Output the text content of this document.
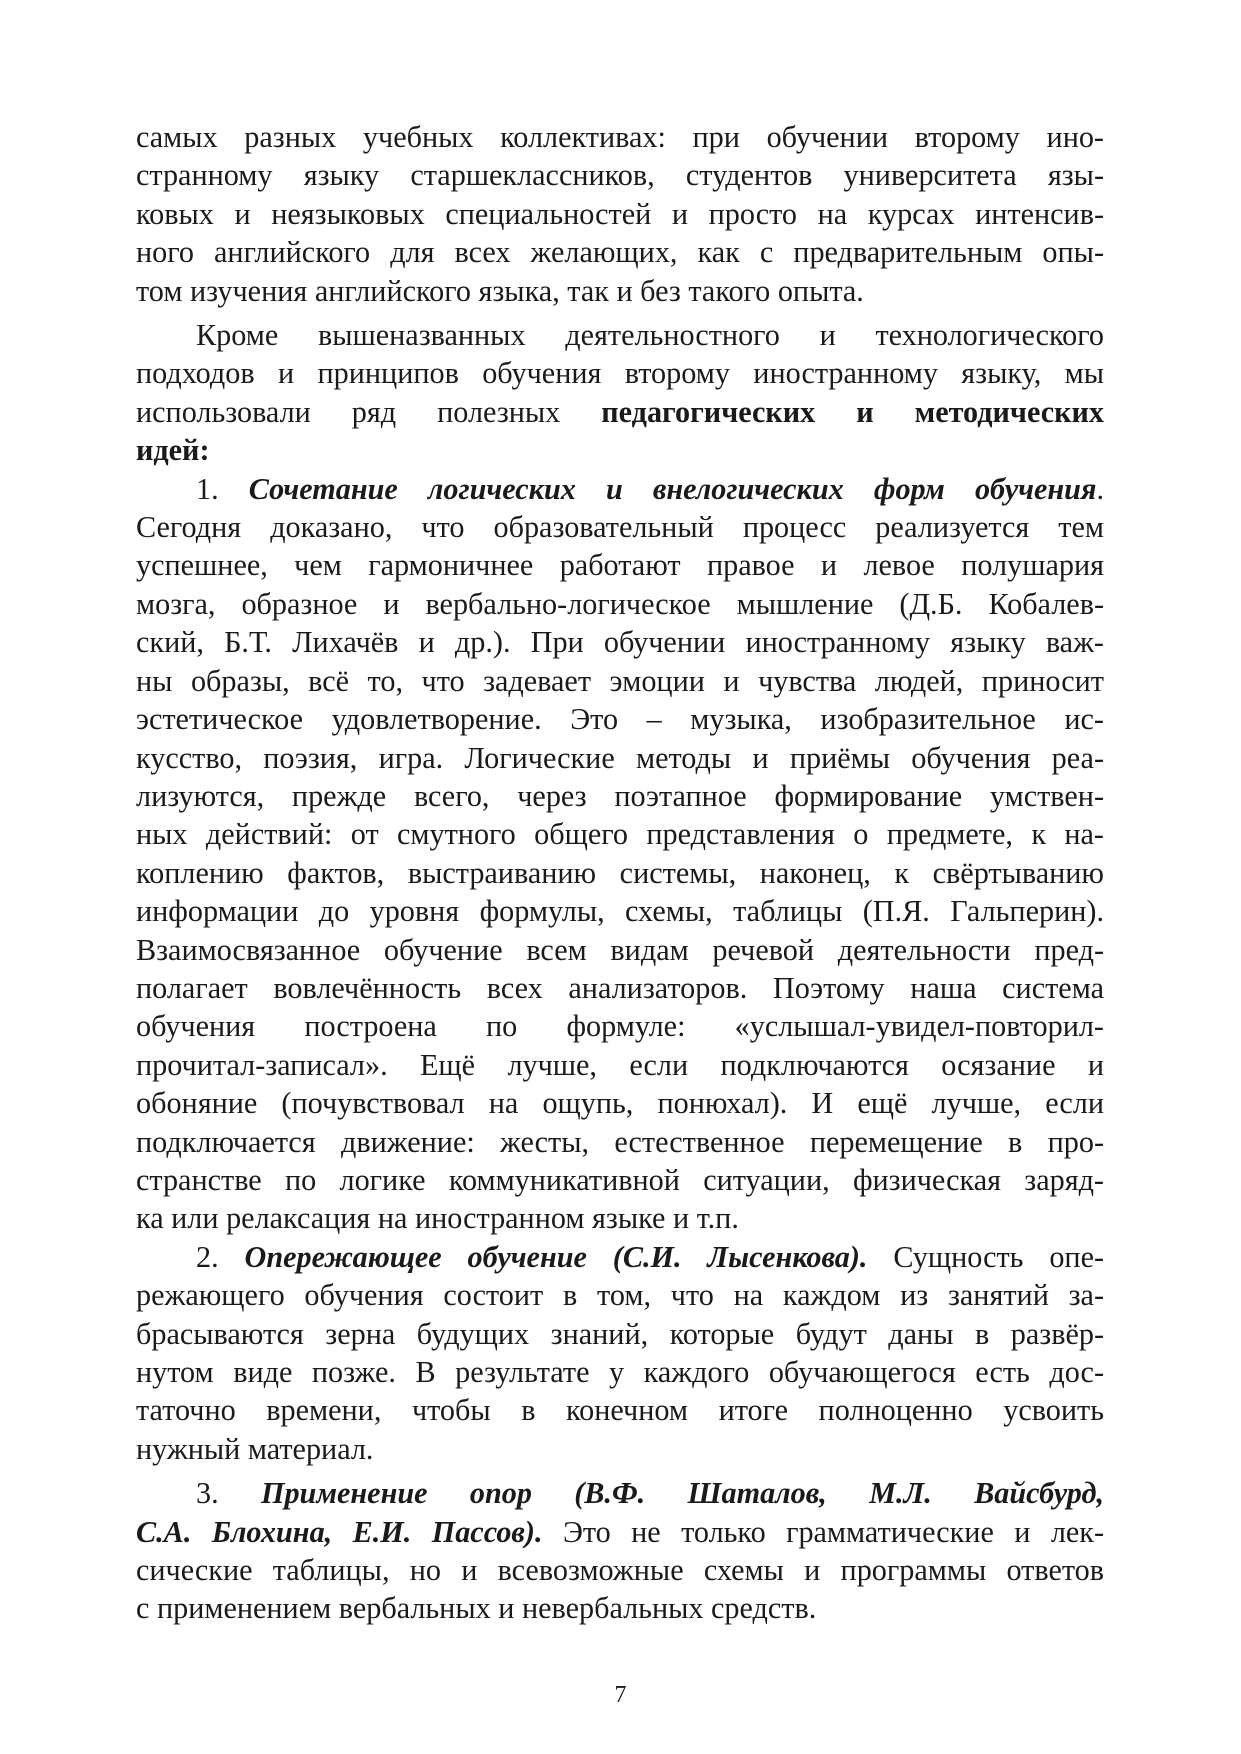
самых разных учебных коллективах: при обучении второму ино-
странному языку старшеклассников, студентов университета язы-
ковых и неязыковых специальностей и просто на курсах интенсив-
ного английского для всех желающих, как с предварительным опы-
том изучения английского языка, так и без такого опыта.

Кроме вышеназванных деятельностного и технологического
подходов и принципов обучения второму иностранному языку, мы
использовали ряд полезных педагогических и методических
идей:

1. Сочетание логических и внелогических форм обучения.
Сегодня доказано, что образовательный процесс реализуется тем
успешнее, чем гармоничнее работают правое и левое полушария
мозга, образное и вербально-логическое мышление (Д.Б. Кобалев-
ский, Б.Т. Лихачёв и др.). При обучении иностранному языку важ-
ны образы, всё то, что задевает эмоции и чувства людей, приносит
эстетическое удовлетворение. Это – музыка, изобразительное ис-
кусство, поэзия, игра. Логические методы и приёмы обучения реа-
лизуются, прежде всего, через поэтапное формирование умствен-
ных действий: от смутного общего представления о предмете, к на-
коплению фактов, выстраиванию системы, наконец, к свёртыванию
информации до уровня формулы, схемы, таблицы (П.Я. Гальперин).
Взаимосвязанное обучение всем видам речевой деятельности пред-
полагает вовлечённость всех анализаторов. Поэтому наша система
обучения построена по формуле: «услышал-увидел-повторил-
прочитал-записал». Ещё лучше, если подключаются осязание и
обоняние (почувствовал на ощупь, понюхал). И ещё лучше, если
подключается движение: жесты, естественное перемещение в про-
странстве по логике коммуникативной ситуации, физическая заряд-
ка или релаксация на иностранном языке и т.п.

2. Опережающее обучение (С.И. Лысенкова). Сущность опе-
режающего обучения состоит в том, что на каждом из занятий за-
брасываются зерна будущих знаний, которые будут даны в развёр-
нутом виде позже. В результате у каждого обучающегося есть дос-
таточно времени, чтобы в конечном итоге полноценно усвоить
нужный материал.

3. Применение опор (В.Ф. Шаталов, М.Л. Вайсбурд,
С.А. Блохина, Е.И. Пассов). Это не только грамматические и лек-
сические таблицы, но и всевозможные схемы и программы ответов
с применением вербальных и невербальных средств.

7
